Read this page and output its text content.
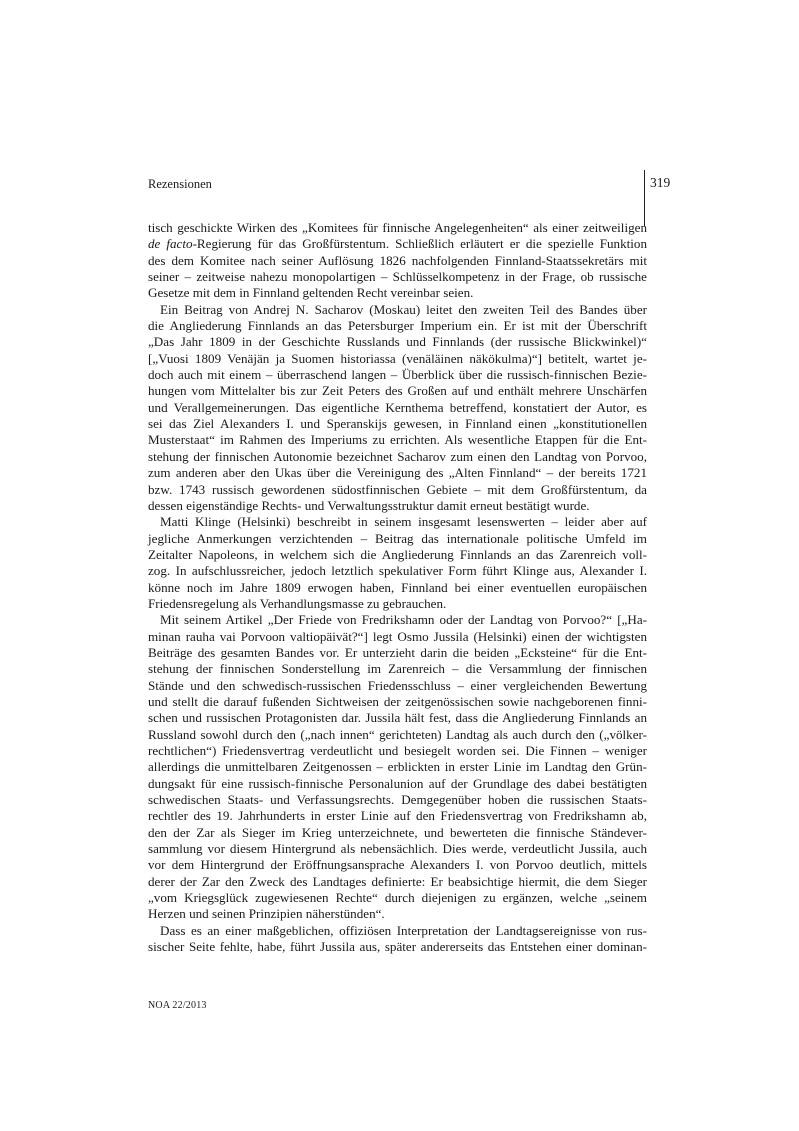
Rezensionen	319
tisch geschickte Wirken des „Komitees für finnische Angelegenheiten“ als einer zeitweiligen
de facto-Regierung für das Großfürstentum. Schließlich erläutert er die spezielle Funktion
des dem Komitee nach seiner Auflösung 1826 nachfolgenden Finnland-Staatssekretärs mit
seiner – zeitweise nahezu monopolartigen – Schlüsselkompetenz in der Frage, ob russische
Gesetze mit dem in Finnland geltenden Recht vereinbar seien.
Ein Beitrag von Andrej N. Sacharov (Moskau) leitet den zweiten Teil des Bandes über
die Angliederung Finnlands an das Petersburger Imperium ein. Er ist mit der Überschrift
„Das Jahr 1809 in der Geschichte Russlands und Finnlands (der russische Blickwinkel)“
[„Vuosi 1809 Venäjän ja Suomen historiassa (venäläinen näkökulma)“] betitelt, wartet je-
doch auch mit einem – überraschend langen – Überblick über die russisch-finnischen Bezie-
hungen vom Mittelalter bis zur Zeit Peters des Großen auf und enthält mehrere Unschärfen
und Verallgemeinerungen. Das eigentliche Kernthema betreffend, konstatiert der Autor, es
sei das Ziel Alexanders I. und Speranskijs gewesen, in Finnland einen „konstitutionellen
Musterstaat“ im Rahmen des Imperiums zu errichten. Als wesentliche Etappen für die Ent-
stehung der finnischen Autonomie bezeichnet Sacharov zum einen den Landtag von Porvoo,
zum anderen aber den Ukas über die Vereinigung des „Alten Finnland“ – der bereits 1721
bzw. 1743 russisch gewordenen südostfinnischen Gebiete – mit dem Großfürstentum, da
dessen eigenständige Rechts- und Verwaltungsstruktur damit erneut bestätigt wurde.
Matti Klinge (Helsinki) beschreibt in seinem insgesamt lesenswerten – leider aber auf
jegliche Anmerkungen verzichtenden – Beitrag das internationale politische Umfeld im
Zeitalter Napoleons, in welchem sich die Angliederung Finnlands an das Zarenreich voll-
zog. In aufschlussreicher, jedoch letztlich spekulativer Form führt Klinge aus, Alexander I.
könne noch im Jahre 1809 erwogen haben, Finnland bei einer eventuellen europäischen
Friedensregelung als Verhandlungsmasse zu gebrauchen.
Mit seinem Artikel „Der Friede von Fredrikshamn oder der Landtag von Porvoo?“ [„Ha-
minan rauha vai Porvoon valtiopäivät?“] legt Osmo Jussila (Helsinki) einen der wichtigsten
Beiträge des gesamten Bandes vor. Er unterzieht darin die beiden „Ecksteine“ für die Ent-
stehung der finnischen Sonderstellung im Zarenreich – die Versammlung der finnischen
Stände und den schwedisch-russischen Friedensschluss – einer vergleichenden Bewertung
und stellt die darauf fußenden Sichtweisen der zeitgenössischen sowie nachgeborenen finni-
schen und russischen Protagonisten dar. Jussila hält fest, dass die Angliederung Finnlands an
Russland sowohl durch den („nach innen“ gerichteten) Landtag als auch durch den („völker-
rechtlichen“) Friedensvertrag verdeutlicht und besiegelt worden sei. Die Finnen – weniger
allerdings die unmittelbaren Zeitgenossen – erblickten in erster Linie im Landtag den Grün-
dungsakt für eine russisch-finnische Personalunion auf der Grundlage des dabei bestätigten
schwedischen Staats- und Verfassungsrechts. Demgegenüber hoben die russischen Staats-
rechtler des 19. Jahrhunderts in erster Linie auf den Friedensvertrag von Fredrikshamn ab,
den der Zar als Sieger im Krieg unterzeichnete, und bewerteten die finnische Ständever-
sammlung vor diesem Hintergrund als nebensächlich. Dies werde, verdeutlicht Jussila, auch
vor dem Hintergrund der Eröffnungsansprache Alexanders I. von Porvoo deutlich, mittels
derer der Zar den Zweck des Landtages definierte: Er beabsichtige hiermit, die dem Sieger
„vom Kriegsglück zugewiesenen Rechte“ durch diejenigen zu ergänzen, welche „seinem
Herzen und seinen Prinzipien näherstünden“.
Dass es an einer maßgeblichen, offiziösen Interpretation der Landtagsereignisse von rus-
sischer Seite fehlte, habe, führt Jussila aus, später andererseits das Entstehen einer dominan-
NOA 22/2013
